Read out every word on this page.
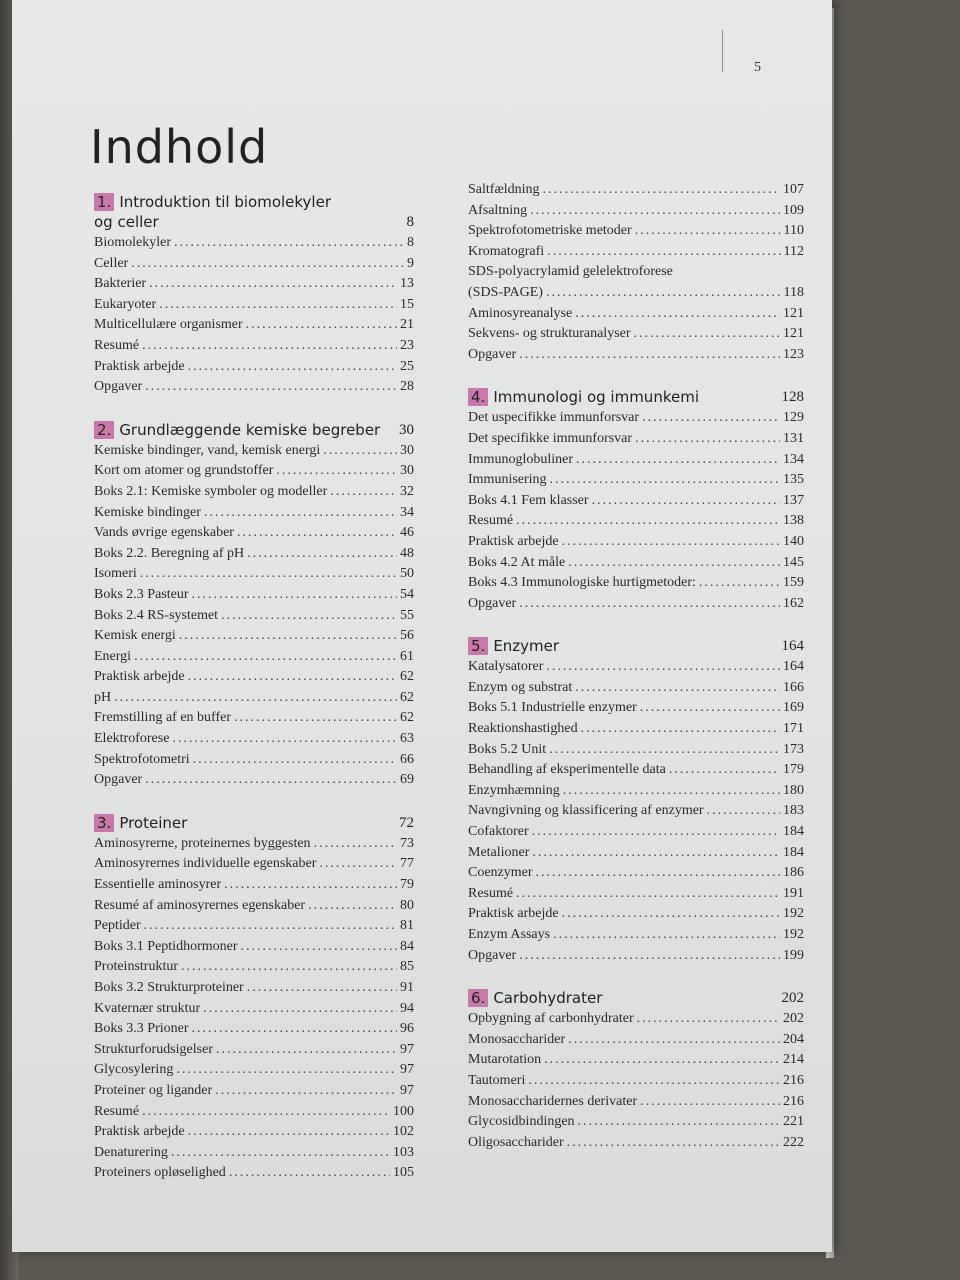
5
Indhold
1. Introduktion til biomolekyler
og celler	8
Biomolekyler .....	8
Celler .....	9
Bakterier .....	13
Eukaryoter .....	15
Multicellulære organismer .....	21
Resumé .....	23
Praktisk arbejde .....	25
Opgaver .....	28
2. Grundlæggende kemiske begreber	30
Kemiske bindinger, vand, kemisk energi .....	30
Kort om atomer og grundstoffer .....	30
Boks 2.1: Kemiske symboler og modeller .....	32
Kemiske bindinger .....	34
Vands øvrige egenskaber .....	46
Boks 2.2. Beregning af pH .....	48
Isomeri .....	50
Boks 2.3 Pasteur .....	54
Boks 2.4 RS-systemet .....	55
Kemisk energi .....	56
Energi .....	61
Praktisk arbejde .....	62
pH .....	62
Fremstilling af en buffer .....	62
Elektroforese .....	63
Spektrofotometri .....	66
Opgaver .....	69
3. Proteiner	72
Aminosyrerne, proteinernes byggesten .....	73
Aminosyrernes individuelle egenskaber .....	77
Essentielle aminosyrer .....	79
Resumé af aminosyrernes egenskaber .....	80
Peptider .....	81
Boks 3.1 Peptidhormoner .....	84
Proteinstruktur .....	85
Boks 3.2 Strukturproteiner .....	91
Kvaternær struktur .....	94
Boks 3.3 Prioner .....	96
Strukturforudsigelser .....	97
Glycosylering .....	97
Proteiner og ligander .....	97
Resumé .....	100
Praktisk arbejde .....	102
Denaturering .....	103
Proteiners opløselighed .....	105
Saltfældning .....	107
Afsaltning .....	109
Spektrofotometriske metoder .....	110
Kromatografi .....	112
SDS-polyacrylamid gelelektroforese
(SDS-PAGE) .....	118
Aminosyreanalyse .....	121
Sekvens- og strukturanalyser .....	121
Opgaver .....	123
4. Immunologi og immunkemi	128
Det uspecifikke immunforsvar .....	129
Det specifikke immunforsvar .....	131
Immunoglobuliner .....	134
Immunisering .....	135
Boks 4.1 Fem klasser .....	137
Resumé .....	138
Praktisk arbejde .....	140
Boks 4.2 At måle .....	145
Boks 4.3 Immunologiske hurtigmetoder: .....	159
Opgaver .....	162
5. Enzymer	164
Katalysatorer .....	164
Enzym og substrat .....	166
Boks 5.1 Industrielle enzymer .....	169
Reaktionshastighed .....	171
Boks 5.2 Unit .....	173
Behandling af eksperimentelle data .....	179
Enzymhæmning .....	180
Navngivning og klassificering af enzymer .....	183
Cofaktorer .....	184
Metalioner .....	184
Coenzymer .....	186
Resumé .....	191
Praktisk arbejde .....	192
Enzym Assays .....	192
Opgaver .....	199
6. Carbohydrater	202
Opbygning af carbonhydrater .....	202
Monosaccharider .....	204
Mutarotation .....	214
Tautomeri .....	216
Monosaccharidernes derivater .....	216
Glycosidbindingen .....	221
Oligosaccharider .....	222
